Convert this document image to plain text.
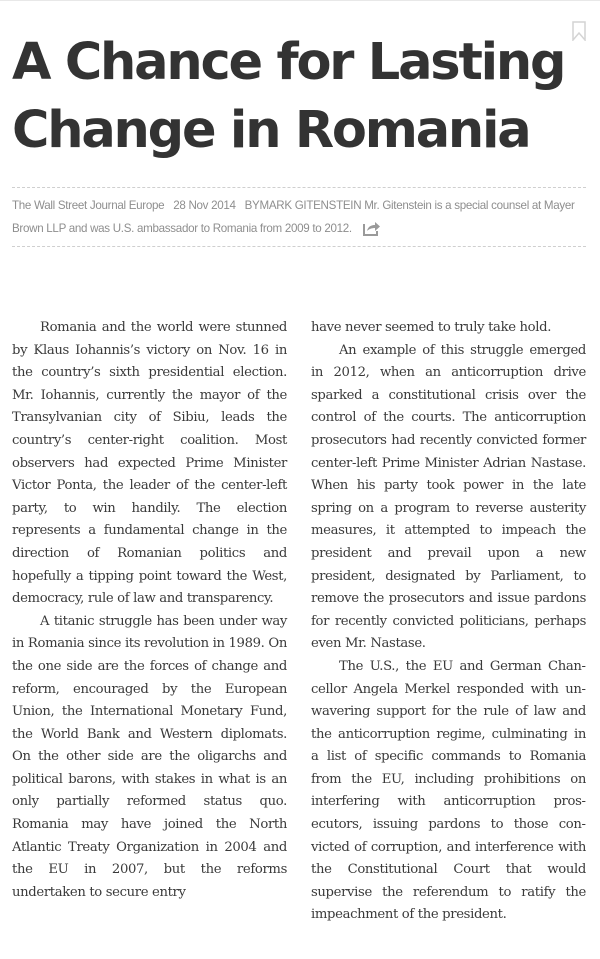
A Chance for Lasting Change in Romania
The Wall Street Journal Europe 28 Nov 2014 BYMARK GITENSTEIN Mr. Gitenstein is a special counsel at Mayer Brown LLP and was U.S. ambassador to Romania from 2009 to 2012.

Romania and the world were stunned by Klaus Iohannis’s victory on Nov. 16 in the country’s sixth presidential election. Mr. Iohannis, currently the mayor of the Transylvanian city of Sibiu, leads the country’s center-right coalition. Most observers had expected Prime Minister Victor Ponta, the leader of the center-left party, to win handily. The election represents a fundamental change in the direction of Romanian politics and hopefully a tipping point toward the West, democracy, rule of law and transparency.

A titanic struggle has been under way in Romania since its revolution in 1989. On the one side are the forces of change and reform, encouraged by the European Union, the International Monetary Fund, the World Bank and Western diplomats. On the other side are the oligarchs and political barons, with stakes in what is an only partially reformed status quo. Romania may have joined the North Atlantic Treaty Organization in 2004 and the EU in 2007, but the reforms undertaken to secure entry

have never seemed to truly take hold.

An example of this struggle emerged in 2012, when an anticorruption drive sparked a constitutional crisis over the control of the courts. The anticorruption prosecutors had recently convicted former center-left Prime Minister Adrian Nastase. When his party took power in the late spring on a program to reverse austerity measures, it attempted to impeach the president and prevail upon a new president, designated by Parliament, to remove the prosecutors and issue pardons for recently convicted politicians, perhaps even Mr. Nastase.

The U.S., the EU and German Chancellor Angela Merkel responded with unwavering support for the rule of law and the anticorruption regime, culminating in a list of specific commands to Romania from the EU, including prohibitions on interfering with anticorruption prosecutors, issuing pardons to those convicted of corruption, and interference with the Constitutional Court that would supervise the referendum to ratify the impeachment of the president.
